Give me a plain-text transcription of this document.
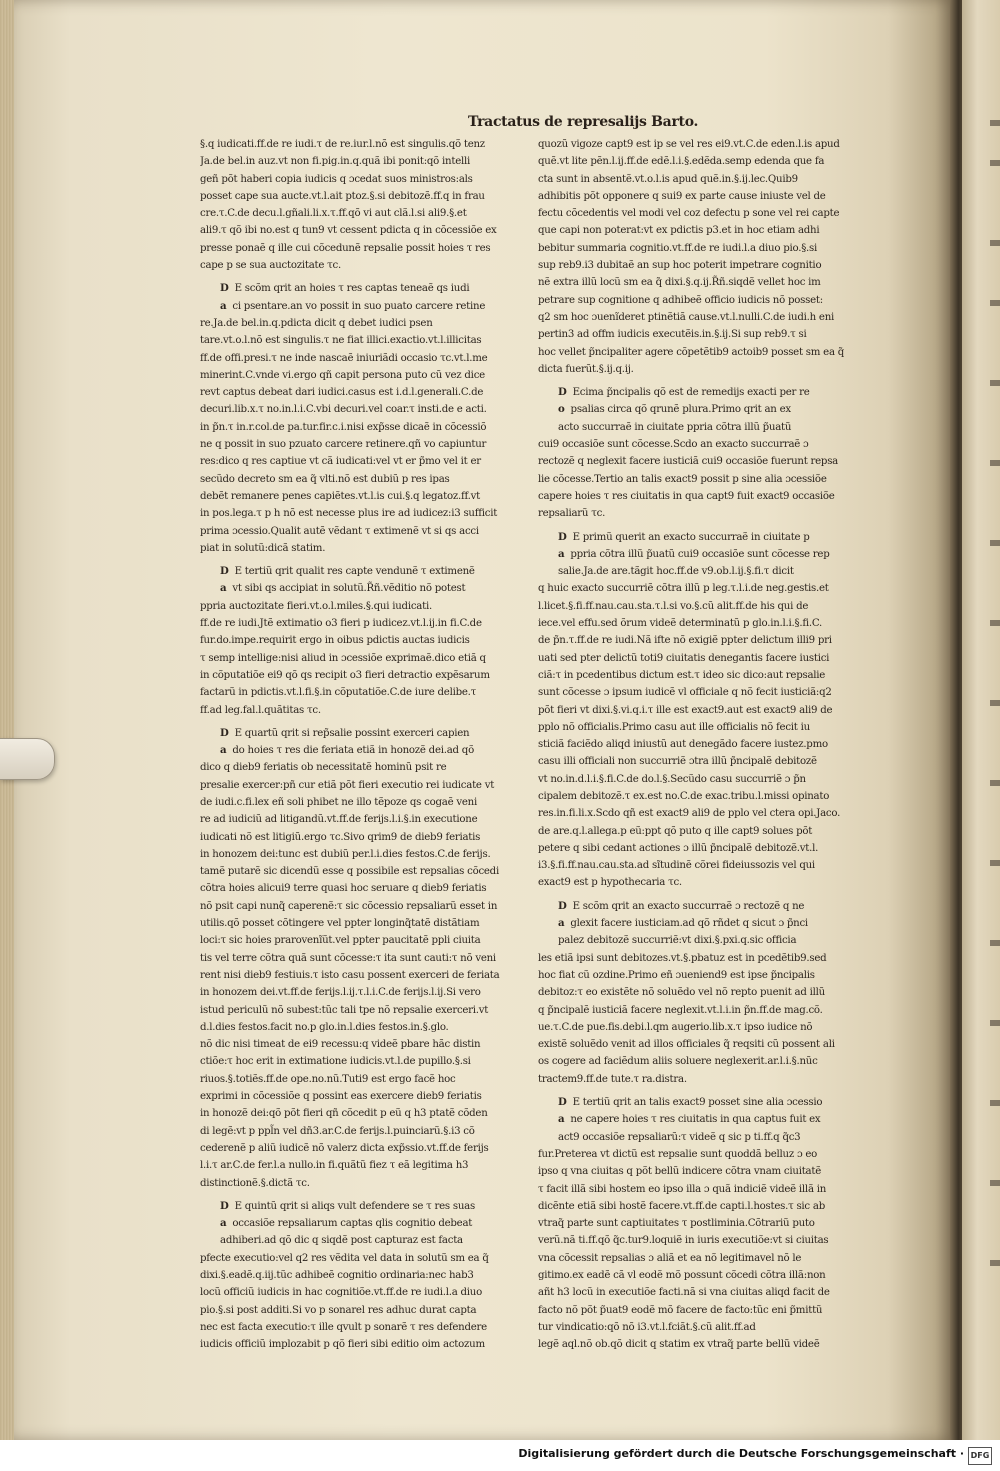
Tractatus de represalijs Barto.
§.q iudicati.ff.de re iudi.τ de re.iur.l.nõ est singulis.qõ tenz
Ja.de bel.in auz.vt non fi.pig.in.q.quã ibi ponit:qõ intelli
geñ põt haberi copia iudicis q ɔcedat suos ministros:als
posset cape sua aucte.vt.l.ait ptoz.§.si debitozẽ.ff.q in frau
cre.τ.C.de decu.l.gñali.li.x.τ.ff.qõ vi aut clã.l.si ali9.§.et
ali9.τ qõ ibi no.est q tun9 vt cessent pdicta q in cõcessiõe ex
presse ponaẽ q ille cui cõcedunẽ repsalie possit hoies τ res
cape p se sua auctozitate τc.
D E scõm qrit an hoies τ res captas teneaẽ qs iudi
a ci psentare.an vo possit in suo puato carcere retine
re.Ja.de bel.in.q.pdicta dicit q debet iudici psen
tare.vt.o.l.nõ est singulis.τ ne fiat illici.exactio.vt.l.illicitas
ff.de offi.presi.τ ne inde nascaẽ iniuriãdi occasio τc.vt.l.me
minerint.C.vnde vi.ergo qñ capit persona puto cũ vez dice
revt captus debeat dari iudici.casus est i.d.l.generali.C.de
decuri.lib.x.τ no.in.l.i.C.vbi decuri.vel coar.τ insti.de e acti.
in p̃n.τ in.r.col.de pa.tur.fir.c.i.nisi exp̃sse dicaẽ in cõcessiõ
ne q possit in suo pzuato carcere retinere.qñ vo capiuntur
res:dico q res captiue vt cã iudicati:vel vt er p̃mo vel it er
secũdo decreto sm ea q̃ vlti.nõ est dubiũ p res ipas
debẽt remanere penes capiẽtes.vt.l.is cui.§.q legatoz.ff.vt
in pos.lega.τ p h nõ est necesse plus ire ad iudicez:i3 sufficit
prima ɔcessio.Qualit autẽ vẽdant τ extimenẽ vt si qs acci
piat in solutũ:dicã statim.
D E tertiũ qrit qualit res capte vendunẽ τ extimenẽ
a vt sibi qs accipiat in solutũ.R̃ñ.vẽditio nõ potest
ppria auctozitate fieri.vt.o.l.miles.§.qui iudicati.
ff.de re iudi.Jtẽ extimatio o3 fieri p iudicez.vt.l.ij.in fi.C.de
fur.do.impe.requirit ergo in oibus pdictis auctas iudicis
τ semp intellige:nisi aliud in ɔcessiõe exprimaẽ.dico etiã q
in cõputatiõe ei9 qõ qs recipit o3 fieri detractio expẽsarum
factarũ in pdictis.vt.l.fi.§.in cõputatiõe.C.de iure delibe.τ
ff.ad leg.fal.l.quãtitas τc.
D E quartũ qrit si rep̃salie possint exerceri capien
a do hoies τ res die feriata etiã in honozẽ dei.ad qõ
dico q dieb9 feriatis ob necessitatẽ hominũ psit re
presalie exercer:pñ cur etiã põt fieri executio rei iudicate vt
de iudi.c.fi.lex eñ soli phibet ne illo tẽpoze qs cogaẽ veni
re ad iudiciũ ad litigandũ.vt.ff.de ferijs.l.i.§.in executione
iudicati nõ est litigiũ.ergo τc.Sivo qrim9 de dieb9 feriatis
in honozem dei:tunc est dubiũ per.l.i.dies festos.C.de ferijs.
tamẽ putarẽ sic dicendũ esse q possibile est repsalias cõcedi
cõtra hoies alicui9 terre quasi hoc seruare q dieb9 feriatis
nõ psit capi nunq̃ caperenẽ:τ sic cõcessio repsaliarũ esset in
utilis.qõ posset cõtingere vel ppter longinq̃tatẽ distãtiam
loci:τ sic hoies prarovenĩũt.vel ppter paucitatẽ ppli ciuita
tis vel terre cõtra quã sunt cõcesse:τ ita sunt cauti:τ nõ veni
rent nisi dieb9 festiuis.τ isto casu possent exerceri de feriata
in honozem dei.vt.ff.de ferijs.l.ij.τ.l.i.C.de ferijs.l.ij.Si vero
istud periculũ nõ subest:tũc tali tpe nõ repsalie exerceri.vt
d.l.dies festos.facit no.p glo.in.l.dies festos.in.§.glo.
nõ dic nisi timeat de ei9 recessu:q videẽ pbare hãc distin
ctiõe:τ hoc erit in extimatione iudicis.vt.l.de pupillo.§.si
riuos.§.totiẽs.ff.de ope.no.nũ.Tuti9 est ergo facẽ hoc
exprimi in cõcessiõe q possint eas exercere dieb9 feriatis
in honozẽ dei:qõ põt fieri qñ cõcedit p eũ q h3 ptatẽ cõden
di legẽ:vt p ppl̃n vel dñ3.ar.C.de ferijs.l.puinciarũ.§.i3 cõ
cederenẽ p aliũ iudicẽ nõ valerz dicta exp̃ssio.vt.ff.de ferijs
l.i.τ ar.C.de fer.l.a nullo.in fi.quãtũ fiez τ eã legitima h3
distinctionẽ.§.dictã τc.
D E quintũ qrit si aliqs vult defendere se τ res suas
a occasiõe repsaliarum captas qlis cognitio debeat
adhiberi.ad qõ dic q siqdẽ post capturaz est facta
pfecte executio:vel q2 res vẽdita vel data in solutũ sm ea q̃
dixi.§.eadẽ.q.iij.tũc adhibeẽ cognitio ordinaria:nec hab3
locũ officiũ iudicis in hac cognitiõe.vt.ff.de re iudi.l.a diuo
pio.§.si post additi.Si vo p sonarel res adhuc durat capta
nec est facta executio:τ ille qvult p sonarẽ τ res defendere
iudicis officiũ implozabit p qõ fieri sibi editio oim actozum
quozũ vigoze capt9 est ip se vel res ei9.vt.C.de eden.l.is apud
quẽ.vt lite pẽn.l.ij.ff.de edẽ.l.i.§.edẽda.semp edenda que fa
cta sunt in absentẽ.vt.o.l.is apud quẽ.in.§.ij.lec.Quib9
adhibitis põt opponere q sui9 ex parte cause iniuste vel de
fectu cõcedentis vel modi vel coz defectu p sone vel rei capte
que capi non poterat:vt ex pdictis p3.et in hoc etiam adhi
bebitur summaria cognitio.vt.ff.de re iudi.l.a diuo pio.§.si
sup reb9.i3 dubitaẽ an sup hoc poterit impetrare cognitio
nẽ extra illũ locũ sm ea q̃ dixi.§.q.ij.R̃ñ.siqdẽ vellet hoc im
petrare sup cognitione q adhibeẽ officio iudicis nõ posset:
q2 sm hoc ɔuenĩderet ptinẽtiã cause.vt.l.nulli.C.de iudi.h eni
pertin3 ad offm iudicis executẽis.in.§.ij.Si sup reb9.τ si
hoc vellet p̃ncipaliter agere cõpetẽtib9 actoib9 posset sm ea q̃
dicta fuerũt.§.ij.q.ij.
D Ecima p̃ncipalis qõ est de remedijs exacti per re
o psalias circa qõ qrunẽ plura.Primo qrit an ex
acto succurraẽ in ciuitate ppria cõtra illũ p̃uatũ
cui9 occasiõe sunt cõcesse.Scdo an exacto succurraẽ ɔ
rectozẽ q neglexit facere iusticiã cui9 occasiõe fuerunt repsa
lie cõcesse.Tertio an talis exact9 possit p sine alia ɔcessiõe
capere hoies τ res ciuitatis in qua capt9 fuit exact9 occasiõe
repsaliarũ τc.
D E primũ querit an exacto succurraẽ in ciuitate p
a ppria cõtra illũ p̃uatũ cui9 occasiõe sunt cõcesse rep
salie.Ja.de are.tãgit hoc.ff.de v9.ob.l.ij.§.fi.τ dicit
q huic exacto succurriẽ cõtra illũ p leg.τ.l.i.de neg.gestis.et
l.licet.§.fi.ff.nau.cau.sta.τ.l.si vo.§.cũ alit.ff.de his qui de
iece.vel effu.sed õrum videẽ determinatũ p glo.in.l.i.§.fi.C.
de p̃n.τ.ff.de re iudi.Nã ifte nõ exigiẽ ppter delictum illi9 pri
uati sed pter delictũ toti9 ciuitatis denegantis facere iustici
ciã:τ in pcedentibus dictum est.τ ideo sic dico:aut repsalie
sunt cõcesse ɔ ipsum iudicẽ vl officiale q nõ fecit iusticiã:q2
põt fieri vt dixi.§.vi.q.i.τ ille est exact9.aut est exact9 ali9 de
pplo nõ officialis.Primo casu aut ille officialis nõ fecit iu
sticiã faciẽdo aliqd iniustũ aut denegãdo facere iustez.pmo
casu illi officiali non succurriẽ ɔtra illũ p̃ncipalẽ debitozẽ
vt no.in.d.l.i.§.fi.C.de do.l.§.Secũdo casu succurriẽ ɔ p̃n
cipalem debitozẽ.τ ex.est no.C.de exac.tribu.l.missi opinato
res.in.fi.li.x.Scdo qñ est exact9 ali9 de pplo vel ctera opi.Jaco.
de are.q.l.allega.p eũ:ppt qõ puto q ille capt9 solues põt
petere q sibi cedant actiones ɔ illũ p̃ncipalẽ debitozẽ.vt.l.
i3.§.fi.ff.nau.cau.sta.ad sĩtudinẽ cõrei fideiussozis vel qui
exact9 est p hypothecaria τc.
D E scõm qrit an exacto succurraẽ ɔ rectozẽ q ne
a glexit facere iusticiam.ad qõ rñdet q sicut ɔ p̃nci
palez debitozẽ succurriẽ:vt dixi.§.pxi.q.sic officia
les etiã ipsi sunt debitozes.vt.§.pbatuz est in pcedẽtib9.sed
hoc fiat cũ ozdine.Primo eñ ɔueniend9 est ipse p̃ncipalis
debitoz:τ eo existẽte nõ soluẽdo vel nõ repto puenit ad illũ
q p̃ncipalẽ iusticiã facere neglexit.vt.l.i.in p̃n.ff.de mag.cõ.
ue.τ.C.de pue.fis.debi.l.qm augerio.lib.x.τ ipso iudice nõ
existẽ soluẽdo venit ad illos officiales q̃ reqsiti cũ possent ali
os cogere ad faciẽdum aliis soluere neglexerit.ar.l.i.§.nũc
tractem9.ff.de tute.τ ra.distra.
D E tertiũ qrit an talis exact9 posset sine alia ɔcessio
a ne capere hoies τ res ciuitatis in qua captus fuit ex
act9 occasiõe repsaliarũ:τ videẽ q sic p ti.ff.q q̃c3
fur.Preterea vt dictũ est repsalie sunt quoddã belluz ɔ eo
ipso q vna ciuitas q põt bellũ indicere cõtra vnam ciuitatẽ
τ facit illã sibi hostem eo ipso illa ɔ quã indiciẽ videẽ illã in
dicẽnte etiã sibi hostẽ facere.vt.ff.de capti.l.hostes.τ sic ab
vtraq̃ parte sunt captiuitates τ postliminia.Cõtrariũ puto
verũ.nã ti.ff.qõ q̃c.tur9.loquiẽ in iuris executiõe:vt si ciuitas
vna cõcessit repsalias ɔ aliã et ea nõ legitimavel nõ le
gitimo.ex eadẽ cã vl eodẽ mõ possunt cõcedi cõtra illã:non
añt h3 locũ in executiõe facti.nã si vna ciuitas aliqd facit de
facto nõ põt p̃uat9 eodẽ mõ facere de facto:tũc eni p̃mittũ
tur vindicatio:qõ nõ i3.vt.l.fciãt.§.cũ alit.ff.ad
legẽ aql.nõ ob.qõ dicit q statim ex vtraq̃ parte bellũ videẽ
Digitalisierung gefördert durch die Deutsche Forschungsgemeinschaft · DFG
